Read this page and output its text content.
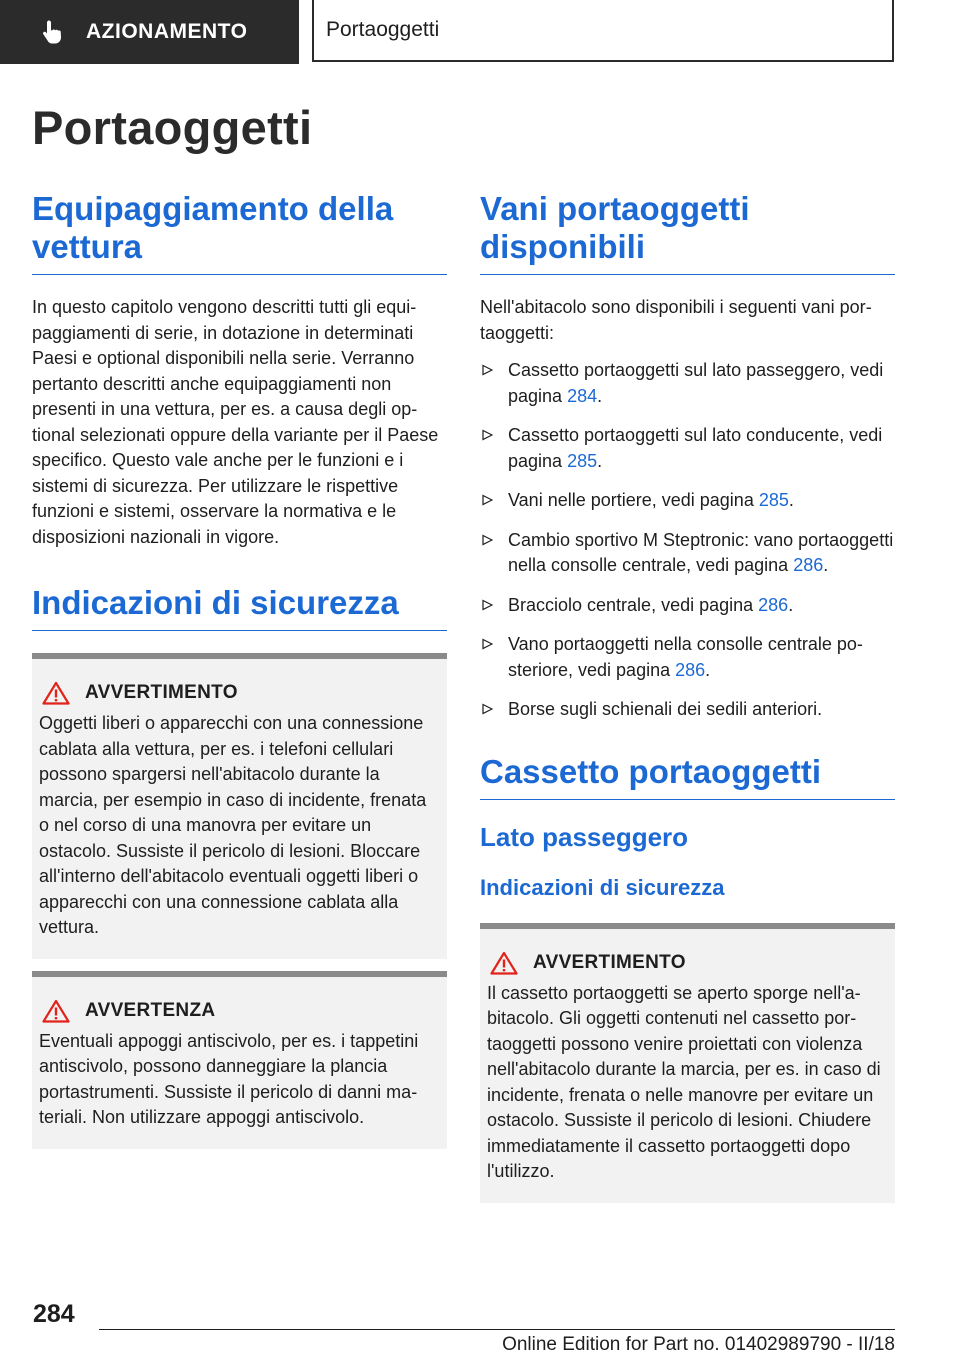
AZIONAMENTO	Portaoggetti
Portaoggetti
Equipaggiamento della vettura

In questo capitolo vengono descritti tutti gli equipaggiamenti di serie, in dotazione in determinati Paesi e optional disponibili nella serie. Verranno pertanto descritti anche equipaggiamenti non presenti in una vettura, per es. a causa degli optional selezionati oppure della variante per il Paese specifico. Questo vale anche per le funzioni e i sistemi di sicurezza. Per utilizzare le rispettive funzioni e sistemi, osservare la normativa e le disposizioni nazionali in vigore.

Indicazioni di sicurezza
AVVERTIMENTO

Oggetti liberi o apparecchi con una connessione cablata alla vettura, per es. i telefoni cellulari possono spargersi nell'abitacolo durante la marcia, per esempio in caso di incidente, frenata o nel corso di una manovra per evitare un ostacolo. Sussiste il pericolo di lesioni. Bloccare all'interno dell'abitacolo eventuali oggetti liberi o apparecchi con una connessione cablata alla vettura.

AVVERTENZA

Eventuali appoggi antiscivolo, per es. i tappetini antiscivolo, possono danneggiare la plancia portastrumenti. Sussiste il pericolo di danni materiali. Non utilizzare appoggi antiscivolo.

Vani portaoggetti disponibili

Nell'abitacolo sono disponibili i seguenti vani portaoggetti:

Cassetto portaoggetti sul lato passeggero, vedi pagina 284.
Cassetto portaoggetti sul lato conducente, vedi pagina 285.
Vani nelle portiere, vedi pagina 285.
Cambio sportivo M Steptronic: vano portaoggetti nella consolle centrale, vedi pagina 286.
Bracciolo centrale, vedi pagina 286.
Vano portaoggetti nella consolle centrale posteriore, vedi pagina 286.
Borse sugli schienali dei sedili anteriori.
Cassetto portaoggetti
Lato passeggero
Indicazioni di sicurezza
AVVERTIMENTO

Il cassetto portaoggetti se aperto sporge nell'abitacolo. Gli oggetti contenuti nel cassetto portaoggetti possono venire proiettati con violenza nell'abitacolo durante la marcia, per es. in caso di incidente, frenata o nelle manovre per evitare un ostacolo. Sussiste il pericolo di lesioni. Chiudere immediatamente il cassetto portaoggetti dopo l'utilizzo.

284
Online Edition for Part no. 01402989790 - II/18
